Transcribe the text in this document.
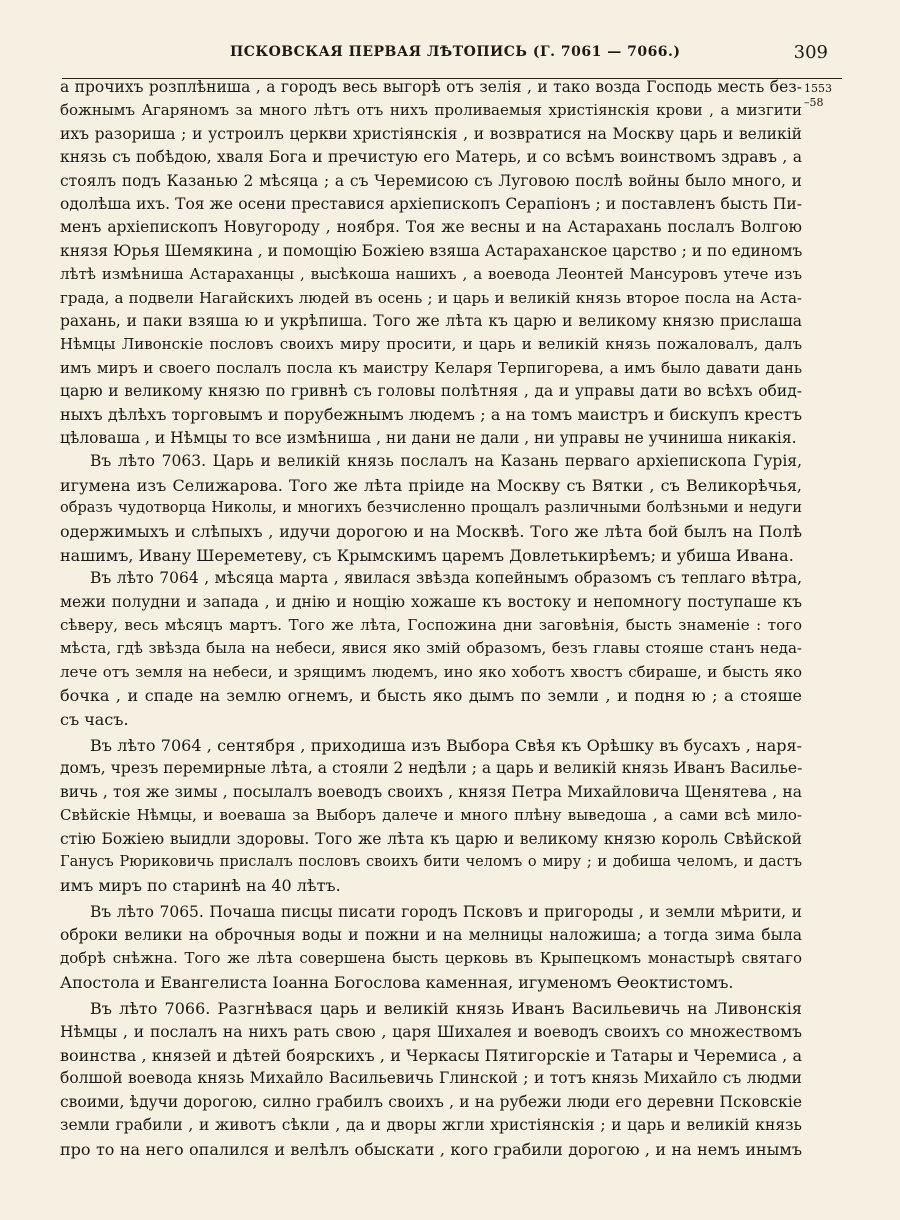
ПСКОВСКАЯ ПЕРВАЯ ЛѢТОПИСЬ (Г. 7061 — 7066.)	309
1553
–58
а прочихъ розплѣниша , а городъ весь выгорѣ отъ зелія , и тако возда Господь месть без-
божнымъ Агаряномъ за много лѣтъ отъ нихъ проливаемыя христіянскія крови , а мизгити
ихъ разориша ; и устроилъ церкви христіянскія , и возвратися на Москву царь и великій
князь съ побѣдою, хваля Бога и пречистую его Матерь, и со всѣмъ воинствомъ здравъ , а
стоялъ подъ Казанью 2 мѣсяца ; а съ Черемисою съ Луговою послѣ войны было много, и
одолѣша ихъ. Тоя же осени преставися архіепископъ Серапіонъ ; и поставленъ бысть Пи-
менъ архіепископъ Новугороду , ноября. Тоя же весны и на Астарахань послалъ Волгою
князя Юрья Шемякина , и помощію Божіею взяша Астараханское царство ; и по единомъ
лѣтѣ измѣниша Астараханцы , высѣкоша нашихъ , а воевода Леонтей Мансуровъ утече изъ
града, а подвели Нагайскихъ людей въ осень ; и царь и великій князь второе посла на Аста-
рахань, и паки взяша ю и укрѣпиша. Того же лѣта къ царю и великому князю прислаша
Нѣмцы Ливонскіе пословъ своихъ миру просити, и царь и великій князь пожаловалъ, далъ
имъ миръ и своего послалъ посла къ маистру Келаря Терпигорева, а имъ было давати дань
царю и великому князю по гривнѣ съ головы полѣтняя , да и управы дати во всѣхъ обид-
ныхъ дѣлѣхъ торговымъ и порубежнымъ людемъ ; а на томъ маистръ и бискупъ крестъ
цѣловаша , и Нѣмцы то все измѣниша , ни дани не дали , ни управы не учиниша никакія.
Въ лѣто 7063. Царь и великій князь послалъ на Казань перваго архіепископа Гурія,
игумена изъ Селижарова. Того же лѣта пріиде на Москву съ Вятки , съ Великорѣчья,
образъ чудотворца Николы, и многихъ безчисленно прощалъ различными болѣзньми и недуги
одержимыхъ и слѣпыхъ , идучи дорогою и на Москвѣ. Того же лѣта бой былъ на Полѣ
нашимъ, Ивану Шереметеву, съ Крымскимъ царемъ Довлетькирѣемъ; и убиша Ивана.
Въ лѣто 7064 , мѣсяца марта , явилася звѣзда копейнымъ образомъ съ теплаго вѣтра,
межи полудни и запада , и днію и нощію хожаше къ востоку и непомногу поступаше къ
сѣверу, весь мѣсяцъ мартъ. Того же лѣта, Госпожина дни заговѣнія, бысть знаменіе : того
мѣста, гдѣ звѣзда была на небеси, явися яко змій образомъ, безъ главы стояше станъ неда-
лече отъ земля на небеси, и зрящимъ людемъ, ино яко хоботъ хвостъ сбираше, и бысть яко
бочка , и спаде на землю огнемъ, и бысть яко дымъ по земли , и подня ю ; а стояше
съ часъ.
Въ лѣто 7064 , сентября , приходиша изъ Выбора Свѣя къ Орѣшку въ бусахъ , наря-
домъ, чрезъ перемирные лѣта, а стояли 2 недѣли ; а царь и великій князь Иванъ Василье-
вичь , тоя же зимы , посылалъ воеводъ своихъ , князя Петра Михайловича Щенятева , на
Свѣйскіе Нѣмцы, и воеваша за Выборъ далече и много плѣну выведоша , а сами всѣ мило-
стію Божіею выидли здоровы. Того же лѣта къ царю и великому князю король Свѣйской
Ганусъ Рюриковичь прислалъ пословъ своихъ бити челомъ о миру ; и добиша челомъ, и дастъ
имъ миръ по старинѣ на 40 лѣтъ.
Въ лѣто 7065. Почаша писцы писати городъ Псковъ и пригороды , и земли мѣрити, и
оброки велики на оброчныя воды и пожни и на мелницы наложиша; а тогда зима была
добрѣ снѣжна. Того же лѣта совершена бысть церковь въ Крыпецкомъ монастырѣ святаго
Апостола и Евангелиста Іоанна Богослова каменная, игуменомъ Ѳеоктистомъ.
Въ лѣто 7066. Разгнѣвася царь и великій князь Иванъ Васильевичь на Ливонскія
Нѣмцы , и послалъ на нихъ рать свою , царя Шихалея и воеводъ своихъ со множествомъ
воинства , князей и дѣтей боярскихъ , и Черкасы Пятигорскіе и Татары и Черемиса , а
болшой воевода князь Михайло Васильевичь Глинской ; и тотъ князь Михайло съ людми
своими, ѣдучи дорогою, силно грабилъ своихъ , и на рубежи люди его деревни Псковскіе
земли грабили , и животъ сѣкли , да и дворы жгли христіянскія ; и царь и великій князь
про то на него опалился и велѣлъ обыскати , кого грабили дорогою , и на немъ инымъ
